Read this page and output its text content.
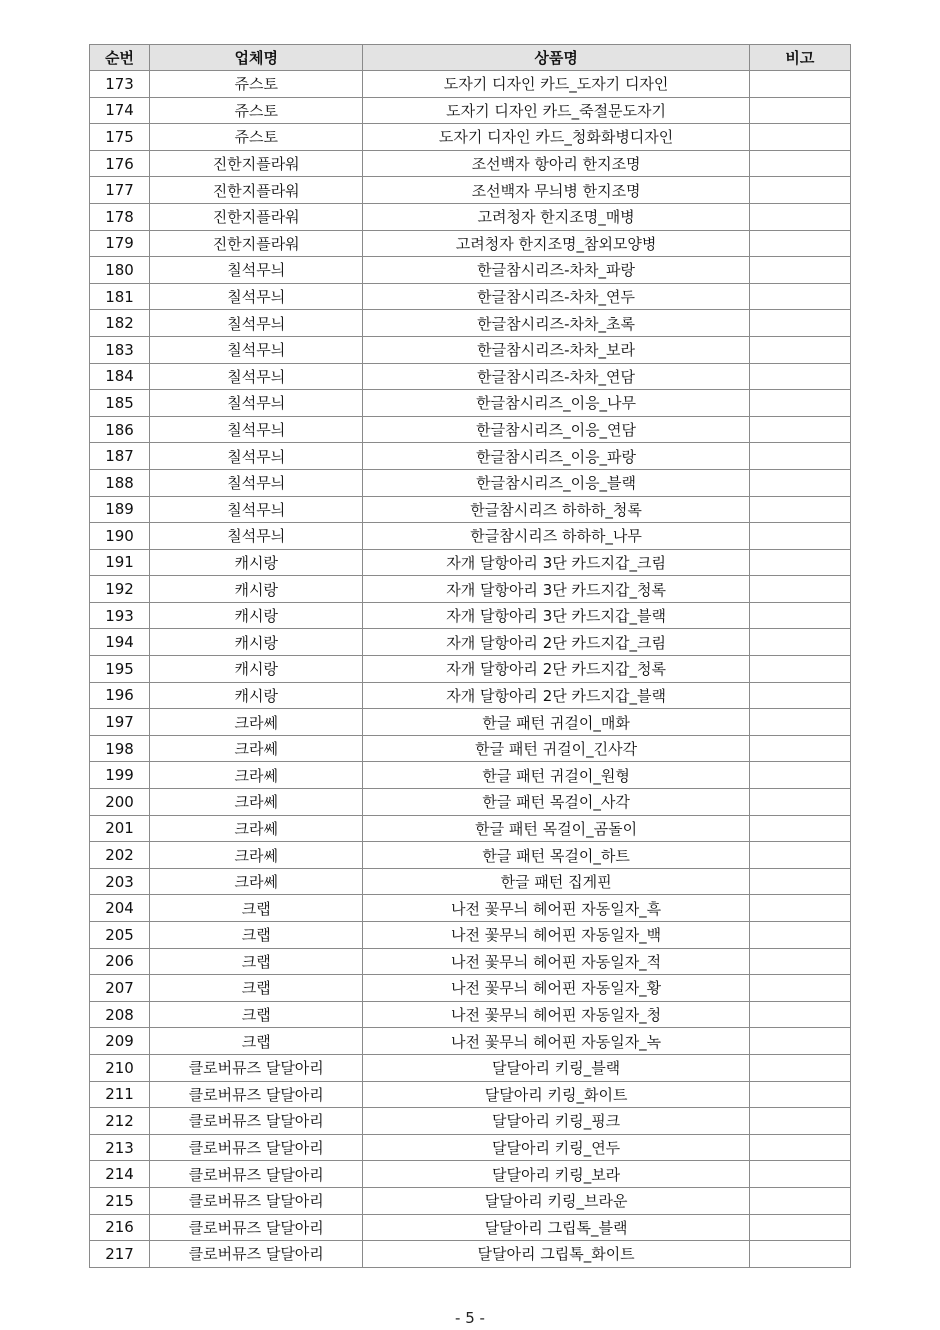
순번	업체명	상품명	비고
173	쥬스토	도자기 디자인 카드_도자기 디자인	
174	쥬스토	도자기 디자인 카드_죽절문도자기	
175	쥬스토	도자기 디자인 카드_청화화병디자인	
176	진한지플라워	조선백자 항아리 한지조명	
177	진한지플라워	조선백자 무늬병 한지조명	
178	진한지플라워	고려청자 한지조명_매병	
179	진한지플라워	고려청자 한지조명_참외모양병	
180	칠석무늬	한글참시리즈-차차_파랑	
181	칠석무늬	한글참시리즈-차차_연두	
182	칠석무늬	한글참시리즈-차차_초록	
183	칠석무늬	한글참시리즈-차차_보라	
184	칠석무늬	한글참시리즈-차차_연담	
185	칠석무늬	한글참시리즈_이응_나무	
186	칠석무늬	한글참시리즈_이응_연담	
187	칠석무늬	한글참시리즈_이응_파랑	
188	칠석무늬	한글참시리즈_이응_블랙	
189	칠석무늬	한글참시리즈 하하하_청록	
190	칠석무늬	한글참시리즈 하하하_나무	
191	캐시랑	자개 달항아리 3단 카드지갑_크림	
192	캐시랑	자개 달항아리 3단 카드지갑_청록	
193	캐시랑	자개 달항아리 3단 카드지갑_블랙	
194	캐시랑	자개 달항아리 2단 카드지갑_크림	
195	캐시랑	자개 달항아리 2단 카드지갑_청록	
196	캐시랑	자개 달항아리 2단 카드지갑_블랙	
197	크라쎄	한글 패턴 귀걸이_매화	
198	크라쎄	한글 패턴 귀걸이_긴사각	
199	크라쎄	한글 패턴 귀걸이_원형	
200	크라쎄	한글 패턴 목걸이_사각	
201	크라쎄	한글 패턴 목걸이_곰돌이	
202	크라쎄	한글 패턴 목걸이_하트	
203	크라쎄	한글 패턴 집게핀	
204	크랩	나전 꽃무늬 헤어핀 자동일자_흑	
205	크랩	나전 꽃무늬 헤어핀 자동일자_백	
206	크랩	나전 꽃무늬 헤어핀 자동일자_적	
207	크랩	나전 꽃무늬 헤어핀 자동일자_황	
208	크랩	나전 꽃무늬 헤어핀 자동일자_청	
209	크랩	나전 꽃무늬 헤어핀 자동일자_녹	
210	클로버뮤즈 달달아리	달달아리 키링_블랙	
211	클로버뮤즈 달달아리	달달아리 키링_화이트	
212	클로버뮤즈 달달아리	달달아리 키링_핑크	
213	클로버뮤즈 달달아리	달달아리 키링_연두	
214	클로버뮤즈 달달아리	달달아리 키링_보라	
215	클로버뮤즈 달달아리	달달아리 키링_브라운	
216	클로버뮤즈 달달아리	달달아리 그립톡_블랙	
217	클로버뮤즈 달달아리	달달아리 그립톡_화이트	
- 5 -
